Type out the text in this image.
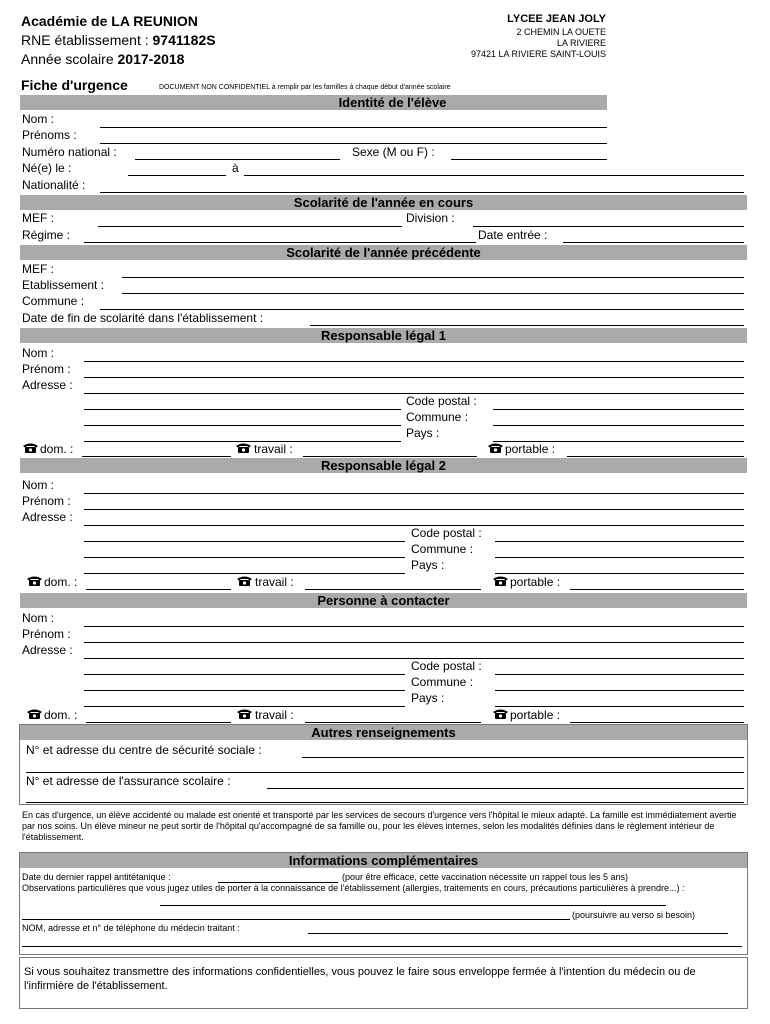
Académie de LA REUNION
RNE établissement : 9741182S
Année scolaire 2017-2018
LYCEE JEAN JOLY
2 CHEMIN LA OUETE
LA RIVIERE
97421 LA RIVIERE SAINT-LOUIS
Fiche d'urgence	DOCUMENT NON CONFIDENTIEL à remplir par les familles à chaque début d'année scolaire
Identité de l'élève
Nom :
Prénoms :
Numéro national :	Sexe (M ou F) :
Né(e) le :	à
Nationalité :
Scolarité de l'année en cours
MEF :	Division :
Régime :	Date entrée :
Scolarité de l'année précédente
MEF :
Etablissement :
Commune :
Date de fin de scolarité dans l'établissement :
Responsable légal 1
Nom :
Prénom :
Adresse :
Code postal :
Commune :
Pays :
dom. :	travail :	portable :
Responsable légal 2
Nom :
Prénom :
Adresse :
Code postal :
Commune :
Pays :
dom. :	travail :	portable :
Personne à contacter
Nom :
Prénom :
Adresse :
Code postal :
Commune :
Pays :
dom. :	travail :	portable :
Autres renseignements
N° et adresse du centre de sécurité sociale :
N° et adresse de l'assurance scolaire :
En cas d'urgence, un élève accidenté ou malade est orienté et transporté par les services de secours d'urgence vers l'hôpital le mieux adapté. La famille est immédiatement avertie par nos soins. Un élève mineur ne peut sortir de l'hôpital qu'accompagné de sa famille ou, pour les élèves internes, selon les modalités définies dans le règlement intérieur de l'établissement.
Informations complémentaires
Date du dernier rappel antitétanique :	(pour être efficace, cette vaccination nécessite un rappel tous les 5 ans)
Observations particulières que vous jugez utiles de porter à la connaissance de l'établissement (allergies, traitements en cours, précautions particulières à prendre...) :
(poursuivre au verso si besoin)
NOM, adresse et n° de téléphone du médecin traitant :
Si vous souhaitez transmettre des informations confidentielles, vous pouvez le faire sous enveloppe fermée à l'intention du médecin ou de l'infirmière de l'établissement.
